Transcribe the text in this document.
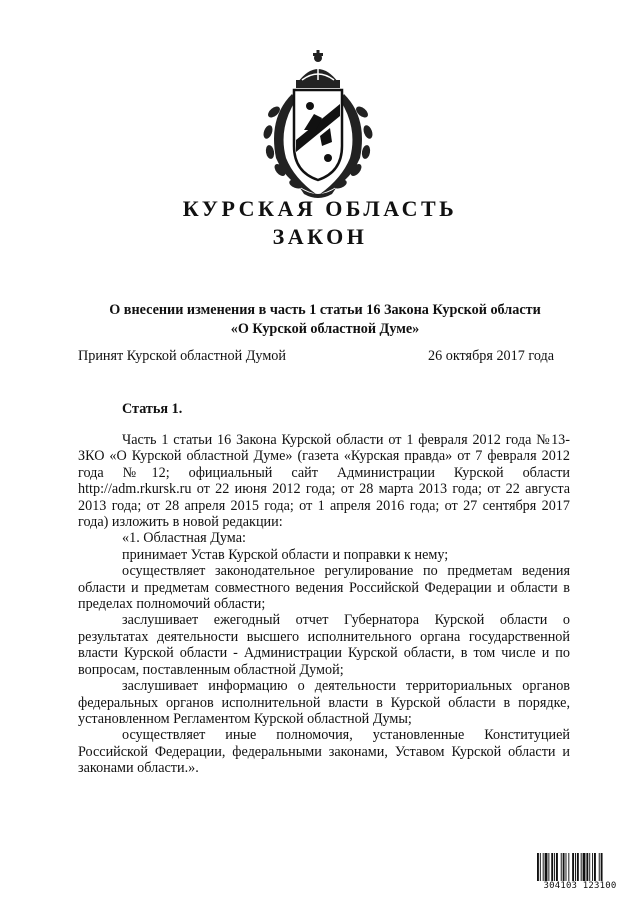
КУРСКАЯ ОБЛАСТЬ
ЗАКОН
О внесении изменения в часть 1 статьи 16 Закона Курской области
«О Курской областной Думе»
Принят Курской областной Думой	26 октября 2017 года
Статья 1.

Часть 1 статьи 16 Закона Курской области от 1 февраля 2012 года №13-ЗКО «О Курской областной Думе» (газета «Курская правда» от 7 февраля 2012 года №12; официальный сайт Администрации Курской области http://adm.rkursk.ru от 22 июня 2012 года; от 28 марта 2013 года; от 22 августа 2013 года; от 28 апреля 2015 года; от 1 апреля 2016 года; от 27 сентября 2017 года) изложить в новой редакции:

«1. Областная Дума:

принимает Устав Курской области и поправки к нему;

осуществляет законодательное регулирование по предметам ведения области и предметам совместного ведения Российской Федерации и области в пределах полномочий области;

заслушивает ежегодный отчет Губернатора Курской области о результатах деятельности высшего исполнительного органа государственной власти Курской области - Администрации Курской области, в том числе и по вопросам, поставленным областной Думой;

заслушивает информацию о деятельности территориальных органов федеральных органов исполнительной власти в Курской области в порядке, установленном Регламентом Курской областной Думы;

осуществляет иные полномочия, установленные Конституцией Российской Федерации, федеральными законами, Уставом Курской области и законами области.».

304103 123100
